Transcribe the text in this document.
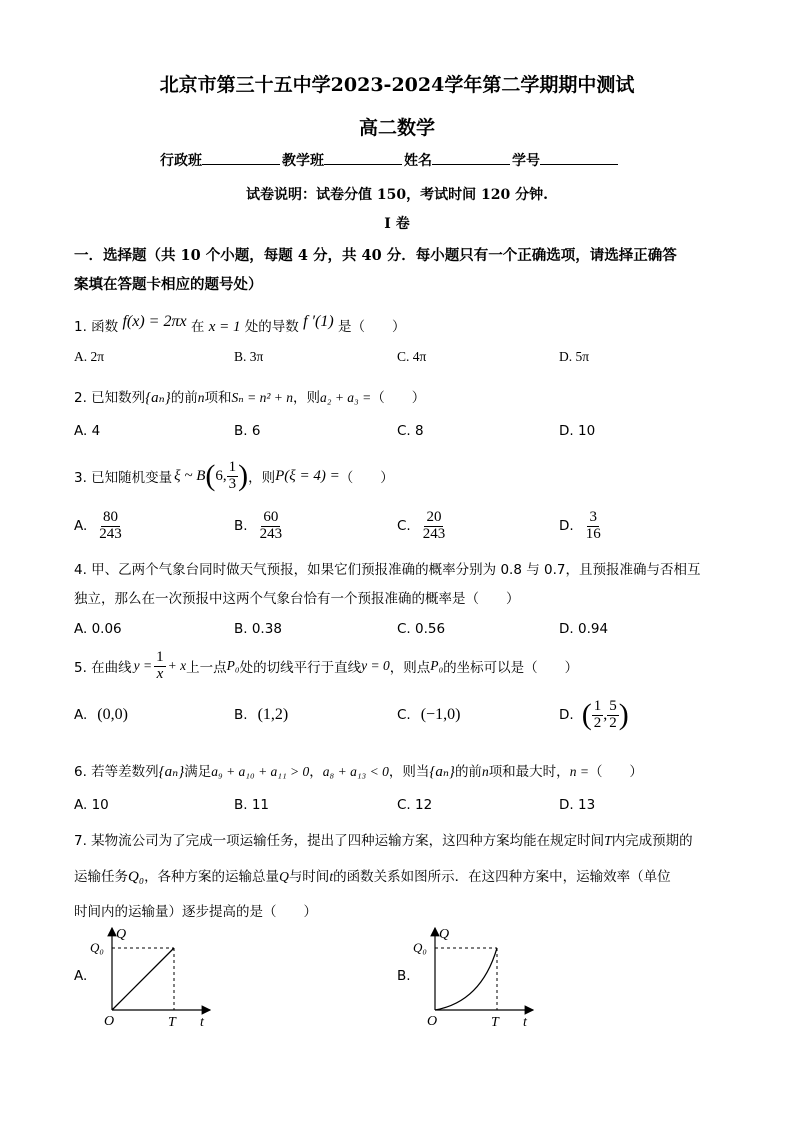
北京市第三十五中学2023-2024学年第二学期期中测试
高二数学
行政班	教学班	姓名	学号
试卷说明：试卷分值 150，考试时间 120 分钟.
I 卷
一．选择题（共 10 个小题，每题 4 分，共 40 分．每小题只有一个正确选项，请选择正确答
案填在答题卡相应的题号处）
1. 函数 f(x) = 2πx 在 x = 1 处的导数 f ′(1) 是（　　）
A. 2π	B. 3π	C. 4π	D. 5π
2. 已知数列{aₙ}的前n项和Sₙ = n² + n，则a₂ + a₃ =（　　）
A. 4	B. 6	C. 8	D. 10
3. 已知随机变量 ξ ~ B ( 6, $\frac{1}{3}$ ) ，则 P(ξ = 4) = （　　）
A. $\frac{80}{243}$	B. $\frac{60}{243}$	C. $\frac{20}{243}$	D. $\frac{3}{16}$
4. 甲、乙两个气象台同时做天气预报，如果它们预报准确的概率分别为 0.8 与 0.7，且预报准确与否相互
独立，那么在一次预报中这两个气象台恰有一个预报准确的概率是（　　）
A. 0.06	B. 0.38	C. 0.56	D. 0.94
5. 在曲线 $y = \frac{1}{x} + x$ 上一点 P₀ 处的切线平行于直线 y = 0 ，则点 P₀ 的坐标可以是（　　）
A. (0,0)	B. (1,2)	C. (−1,0)	D. ( $\frac{1}{2}$ , $\frac{5}{2}$ )
6. 若等差数列{aₙ}满足a₉ + a₁₀ + a₁₁ > 0，a₈ + a₁₃ < 0，则当{aₙ}的前n项和最大时，n =（　　）
A. 10	B. 11	C. 12	D. 13
7. 某物流公司为了完成一项运输任务，提出了四种运输方案，这四种方案均能在规定时间T内完成预期的
运输任务Q₀，各种方案的运输总量Q与时间t的函数关系如图所示．在这四种方案中，运输效率（单位
时间内的运输量）逐步提高的是（　　）
A.
Q
t
O
Q₀
T
B.
Q
t
O
Q₀
T
